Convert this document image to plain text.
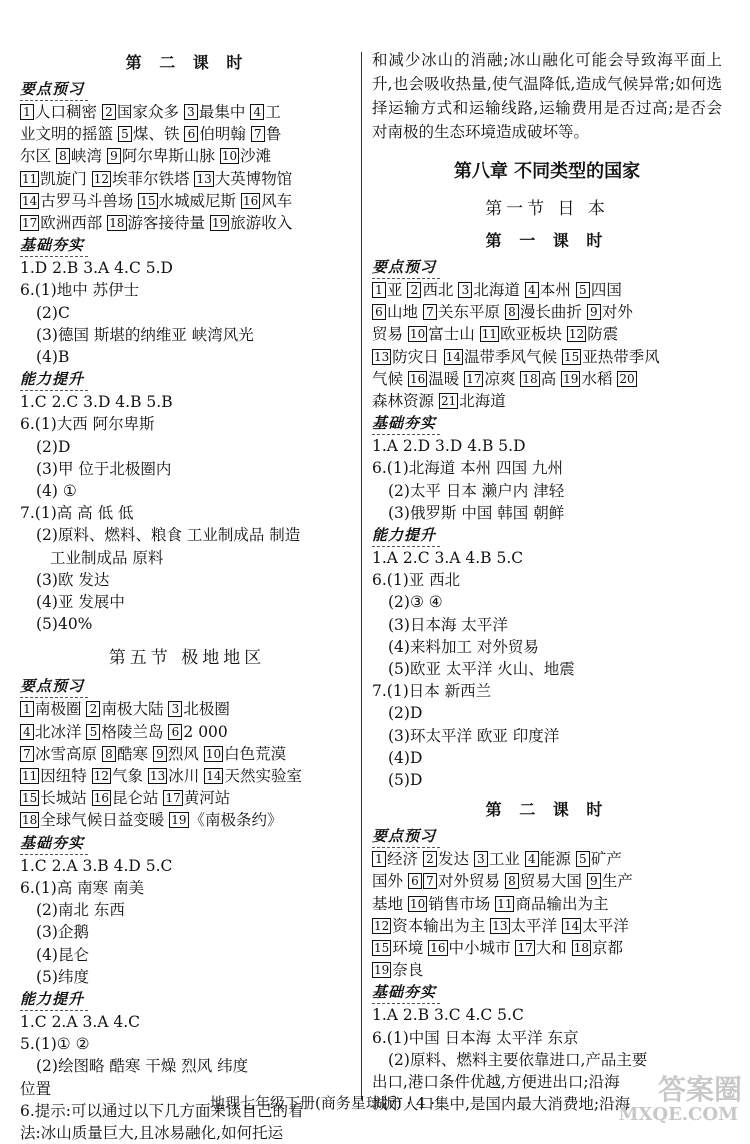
第 二 课 时
要点预习
1 人口稠密 2 国家众多 3 最集中 4 工
业文明的摇篮 5 煤、铁 6 伯明翰 7 鲁
尔区 8 峡湾 9 阿尔卑斯山脉 10 沙滩
11 凯旋门 12 埃菲尔铁塔 13 大英博物馆
14 古罗马斗兽场 15 水城威尼斯 16 风车
17 欧洲西部 18 游客接待量 19 旅游收入
基础夯实
1.D 2.B 3.A 4.C 5.D
6.(1)地中 苏伊士
(2)C
(3)德国 斯堪的纳维亚 峡湾风光
(4)B
能力提升
1.C 2.C 3.D 4.B 5.B
6.(1)大西 阿尔卑斯
(2)D
(3)甲 位于北极圈内
(4) ①
7.(1)高 高 低 低
(2)原料、燃料、粮食 工业制成品 制造
工业制成品 原料
(3)欧 发达
(4)亚 发展中
(5)40%
第五节 极地地区
要点预习
1 南极圈 2 南极大陆 3 北极圈
4 北冰洋 5 格陵兰岛 6 2 000
7 冰雪高原 8 酷寒 9 烈风 10 白色荒漠
11 因纽特 12 气象 13 冰川 14 天然实验室
15 长城站 16 昆仑站 17 黄河站
18 全球气候日益变暖 19 《南极条约》
基础夯实
1.C 2.A 3.B 4.D 5.C
6.(1)高 南寒 南美
(2)南北 东西
(3)企鹅
(4)昆仑
(5)纬度
能力提升
1.C 2.A 3.A 4.C
5.(1)① ②
(2)绘图略 酷寒 干燥 烈风 纬度
位置
6.提示:可以通过以下几方面来谈自己的看
法:冰山质量巨大,且冰易融化,如何托运
和减少冰山的消融;冰山融化可能会导致海平面上升,也会吸收热量,使气温降低,造成气候异常;如何选择运输方式和运输线路,运输费用是否过高;是否会对南极的生态环境造成破坏等。
第八章 不同类型的国家
第一节 日 本
第 一 课 时
要点预习
1 亚 2 西北 3 北海道 4 本州 5 四国
6 山地 7 关东平原 8 漫长曲折 9 对外
贸易 10 富士山 11 欧亚板块 12 防震
13 防灾日 14 温带季风气候 15 亚热带季风
气候 16 温暖 17 凉爽 18 高 19 水稻 20
森林资源 21 北海道
基础夯实
1.A 2.D 3.D 4.B 5.D
6.(1)北海道 本州 四国 九州
(2)太平 日本 濑户内 津轻
(3)俄罗斯 中国 韩国 朝鲜
能力提升
1.A 2.C 3.A 4.B 5.C
6.(1)亚 西北
(2)③ ④
(3)日本海 太平洋
(4)来料加工 对外贸易
(5)欧亚 太平洋 火山、地震
7.(1)日本 新西兰
(2)D
(3)环太平洋 欧亚 印度洋
(4)D
(5)D
第 二 课 时
要点预习
1 经济 2 发达 3 工业 4 能源 5 矿产
国外 6 7 对外贸易 8 贸易大国 9 生产
基地 10 销售市场 11 商品输出为主
12 资本输出为主 13 太平洋 14 太平洋
15 环境 16 中小城市 17 大和 18 京都
19 奈良
基础夯实
1.A 2.B 3.C 4.C 5.C
6.(1)中国 日本海 太平洋 东京
(2)原料、燃料主要依靠进口,产品主要
出口,港口条件优越,方便进出口;沿海
城市人口集中,是国内最大消费地;沿海
地理七年级下册(商务星球版) · 4 ·	答案圈
MXQE.COM
